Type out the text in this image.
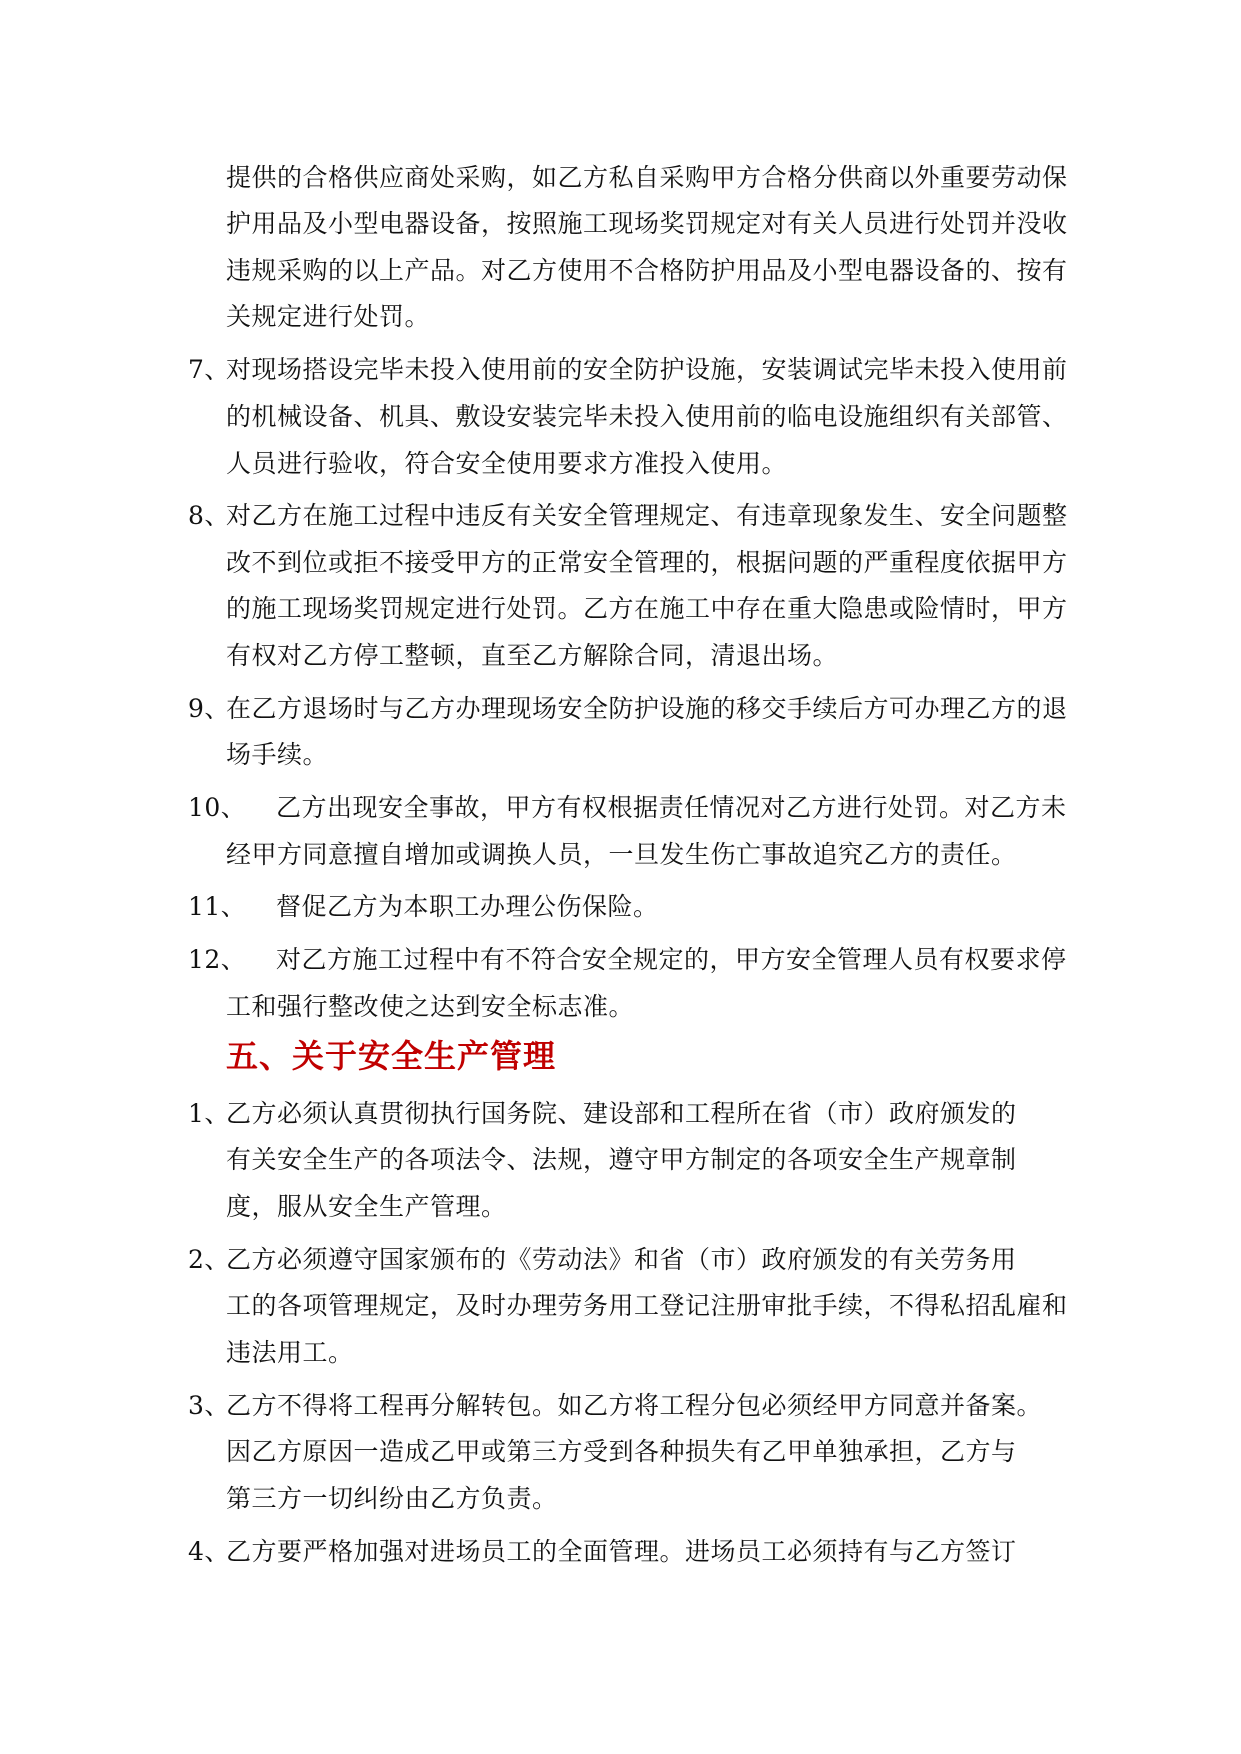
提供的合格供应商处采购，如乙方私自采购甲方合格分供商以外重要劳动保
护用品及小型电器设备，按照施工现场奖罚规定对有关人员进行处罚并没收
违规采购的以上产品。对乙方使用不合格防护用品及小型电器设备的、按有
关规定进行处罚。
7、
对现场搭设完毕未投入使用前的安全防护设施，安装调试完毕未投入使用前
的机械设备、机具、敷设安装完毕未投入使用前的临电设施组织有关部管、
人员进行验收，符合安全使用要求方准投入使用。
8、
对乙方在施工过程中违反有关安全管理规定、有违章现象发生、安全问题整
改不到位或拒不接受甲方的正常安全管理的，根据问题的严重程度依据甲方
的施工现场奖罚规定进行处罚。乙方在施工中存在重大隐患或险情时，甲方
有权对乙方停工整顿，直至乙方解除合同，清退出场。
9、
在乙方退场时与乙方办理现场安全防护设施的移交手续后方可办理乙方的退
场手续。
10、 乙方出现安全事故，甲方有权根据责任情况对乙方进行处罚。对乙方未
经甲方同意擅自增加或调换人员，一旦发生伤亡事故追究乙方的责任。
11、 督促乙方为本职工办理公伤保险。
12、 对乙方施工过程中有不符合安全规定的，甲方安全管理人员有权要求停
工和强行整改使之达到安全标志准。
五、关于安全生产管理
1、
乙方必须认真贯彻执行国务院、建设部和工程所在省（市）政府颁发的
有关安全生产的各项法令、法规，遵守甲方制定的各项安全生产规章制
度，服从安全生产管理。
2、
乙方必须遵守国家颁布的《劳动法》和省（市）政府颁发的有关劳务用
工的各项管理规定，及时办理劳务用工登记注册审批手续，不得私招乱雇和
违法用工。
3、
乙方不得将工程再分解转包。如乙方将工程分包必须经甲方同意并备案。
因乙方原因一造成乙甲或第三方受到各种损失有乙甲单独承担，乙方与
第三方一切纠纷由乙方负责。
4、
乙方要严格加强对进场员工的全面管理。进场员工必须持有与乙方签订
